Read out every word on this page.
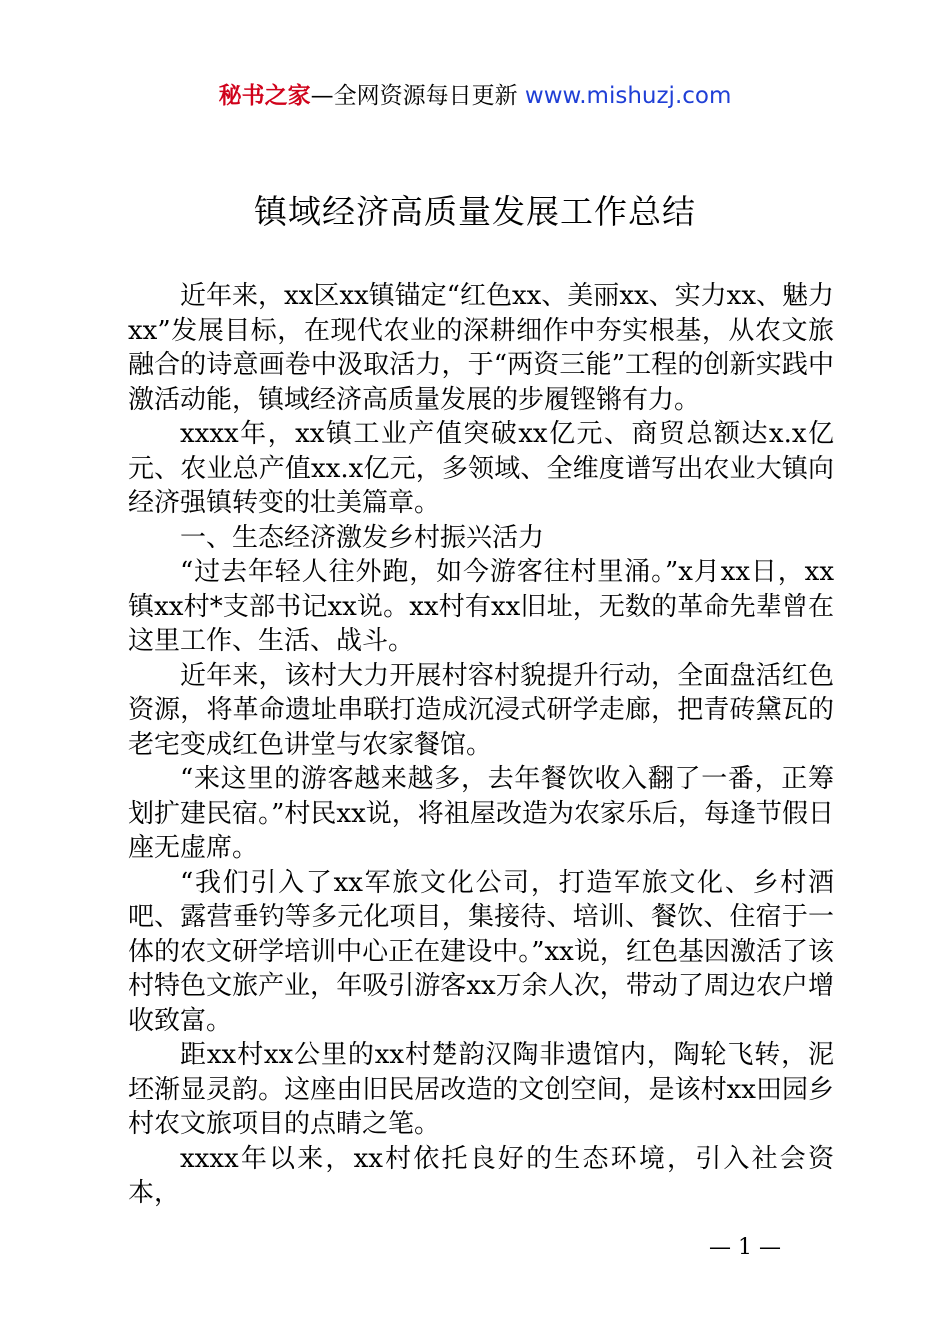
秘书之家—全网资源每日更新 www.mishuzj.com
镇域经济高质量发展工作总结

近年来，xx区xx镇锚定“红色xx、美丽xx、实力xx、魅力xx”发展目标，在现代农业的深耕细作中夯实根基，从农文旅融合的诗意画卷中汲取活力，于“两资三能”工程的创新实践中激活动能，镇域经济高质量发展的步履铿锵有力。

xxxx年，xx镇工业产值突破xx亿元、商贸总额达x.x亿元、农业总产值xx.x亿元，多领域、全维度谱写出农业大镇向经济强镇转变的壮美篇章。

一、生态经济激发乡村振兴活力

“过去年轻人往外跑，如今游客往村里涌。”x月xx日，xx镇xx村*支部书记xx说。xx村有xx旧址，无数的革命先辈曾在这里工作、生活、战斗。

近年来，该村大力开展村容村貌提升行动，全面盘活红色资源，将革命遗址串联打造成沉浸式研学走廊，把青砖黛瓦的老宅变成红色讲堂与农家餐馆。

“来这里的游客越来越多，去年餐饮收入翻了一番，正筹划扩建民宿。”村民xx说，将祖屋改造为农家乐后，每逢节假日座无虚席。

“我们引入了xx军旅文化公司，打造军旅文化、乡村酒吧、露营垂钓等多元化项目，集接待、培训、餐饮、住宿于一体的农文研学培训中心正在建设中。”xx说，红色基因激活了该村特色文旅产业，年吸引游客xx万余人次，带动了周边农户增收致富。

距xx村xx公里的xx村楚韵汉陶非遗馆内，陶轮飞转，泥坯渐显灵韵。这座由旧民居改造的文创空间，是该村xx田园乡村农文旅项目的点睛之笔。

xxxx年以来，xx村依托良好的生态环境，引入社会资本，

— 1 —
